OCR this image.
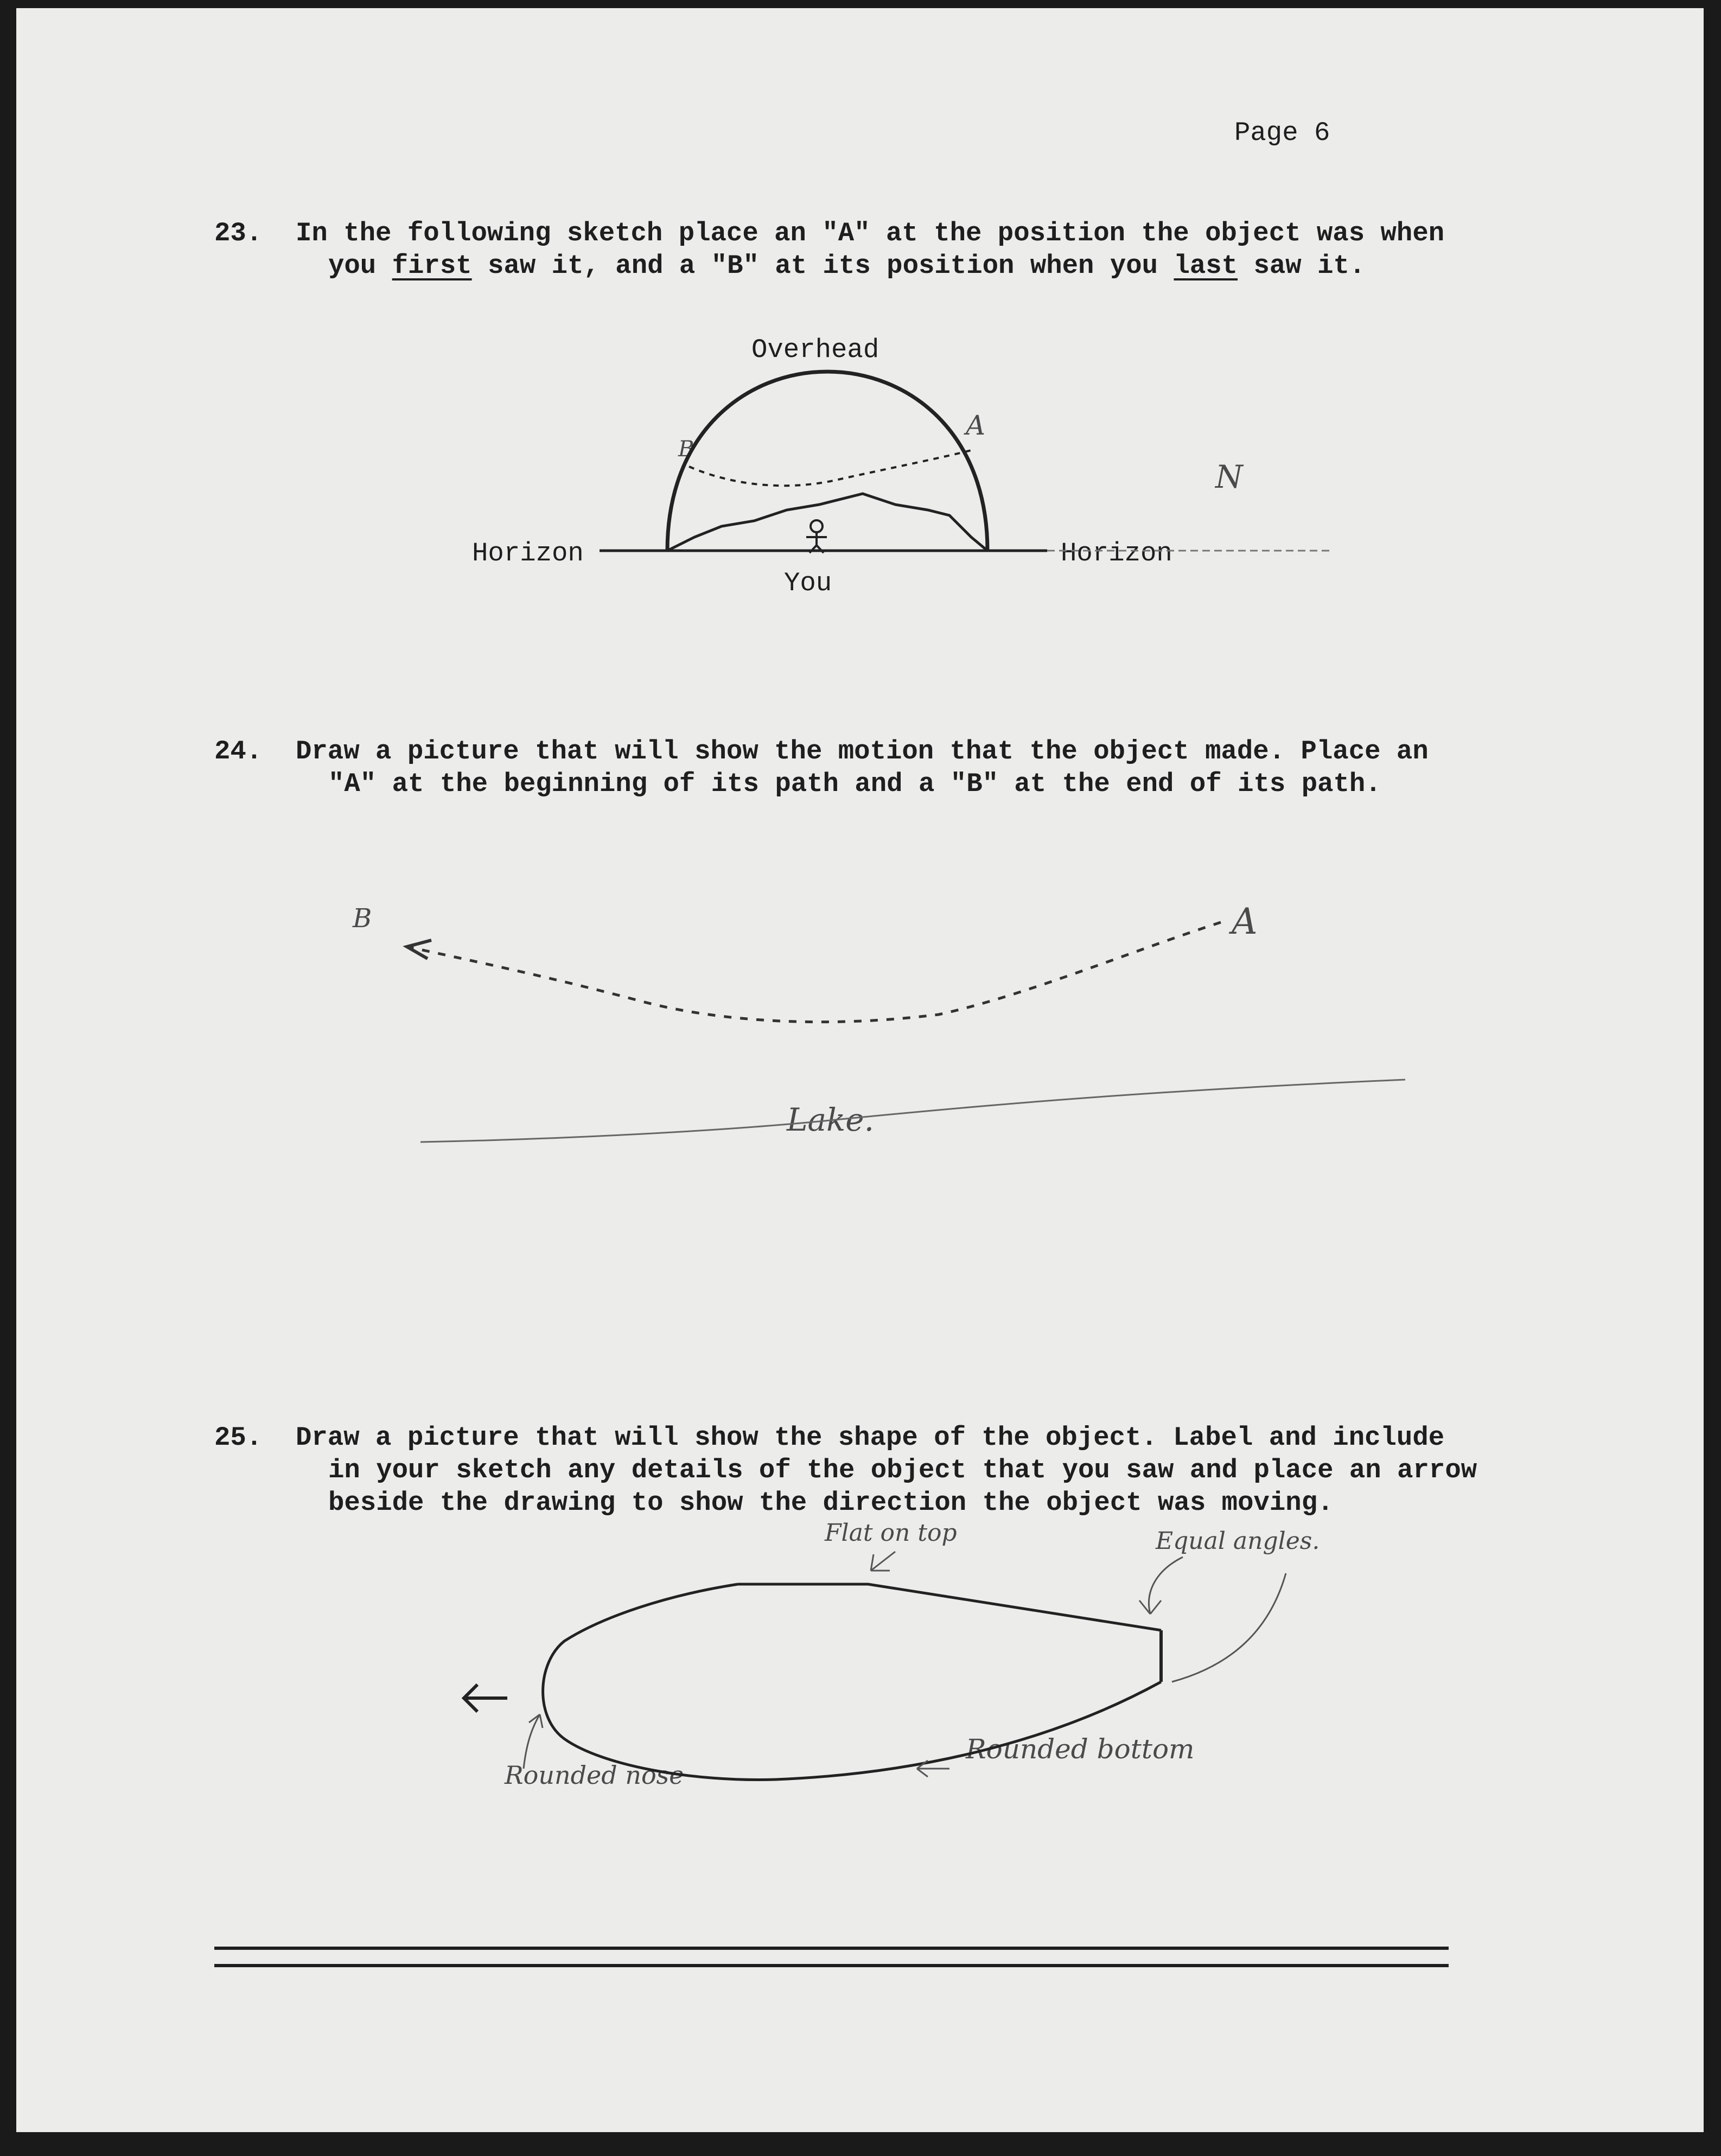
Page 6
23. In the following sketch place an "A" at the position the object was when
you first saw it, and a "B" at its position when you last saw it.
Overhead
Horizon	Horizon
You
A
B
N
24. Draw a picture that will show the motion that the object made. Place an
"A" at the beginning of its path and a "B" at the end of its path.
A
B
Lake.
25. Draw a picture that will show the shape of the object. Label and include
in your sketch any details of the object that you saw and place an arrow
beside the drawing to show the direction the object was moving.
Flat on top	Equal angles.
Rounded nose
Rounded bottom
